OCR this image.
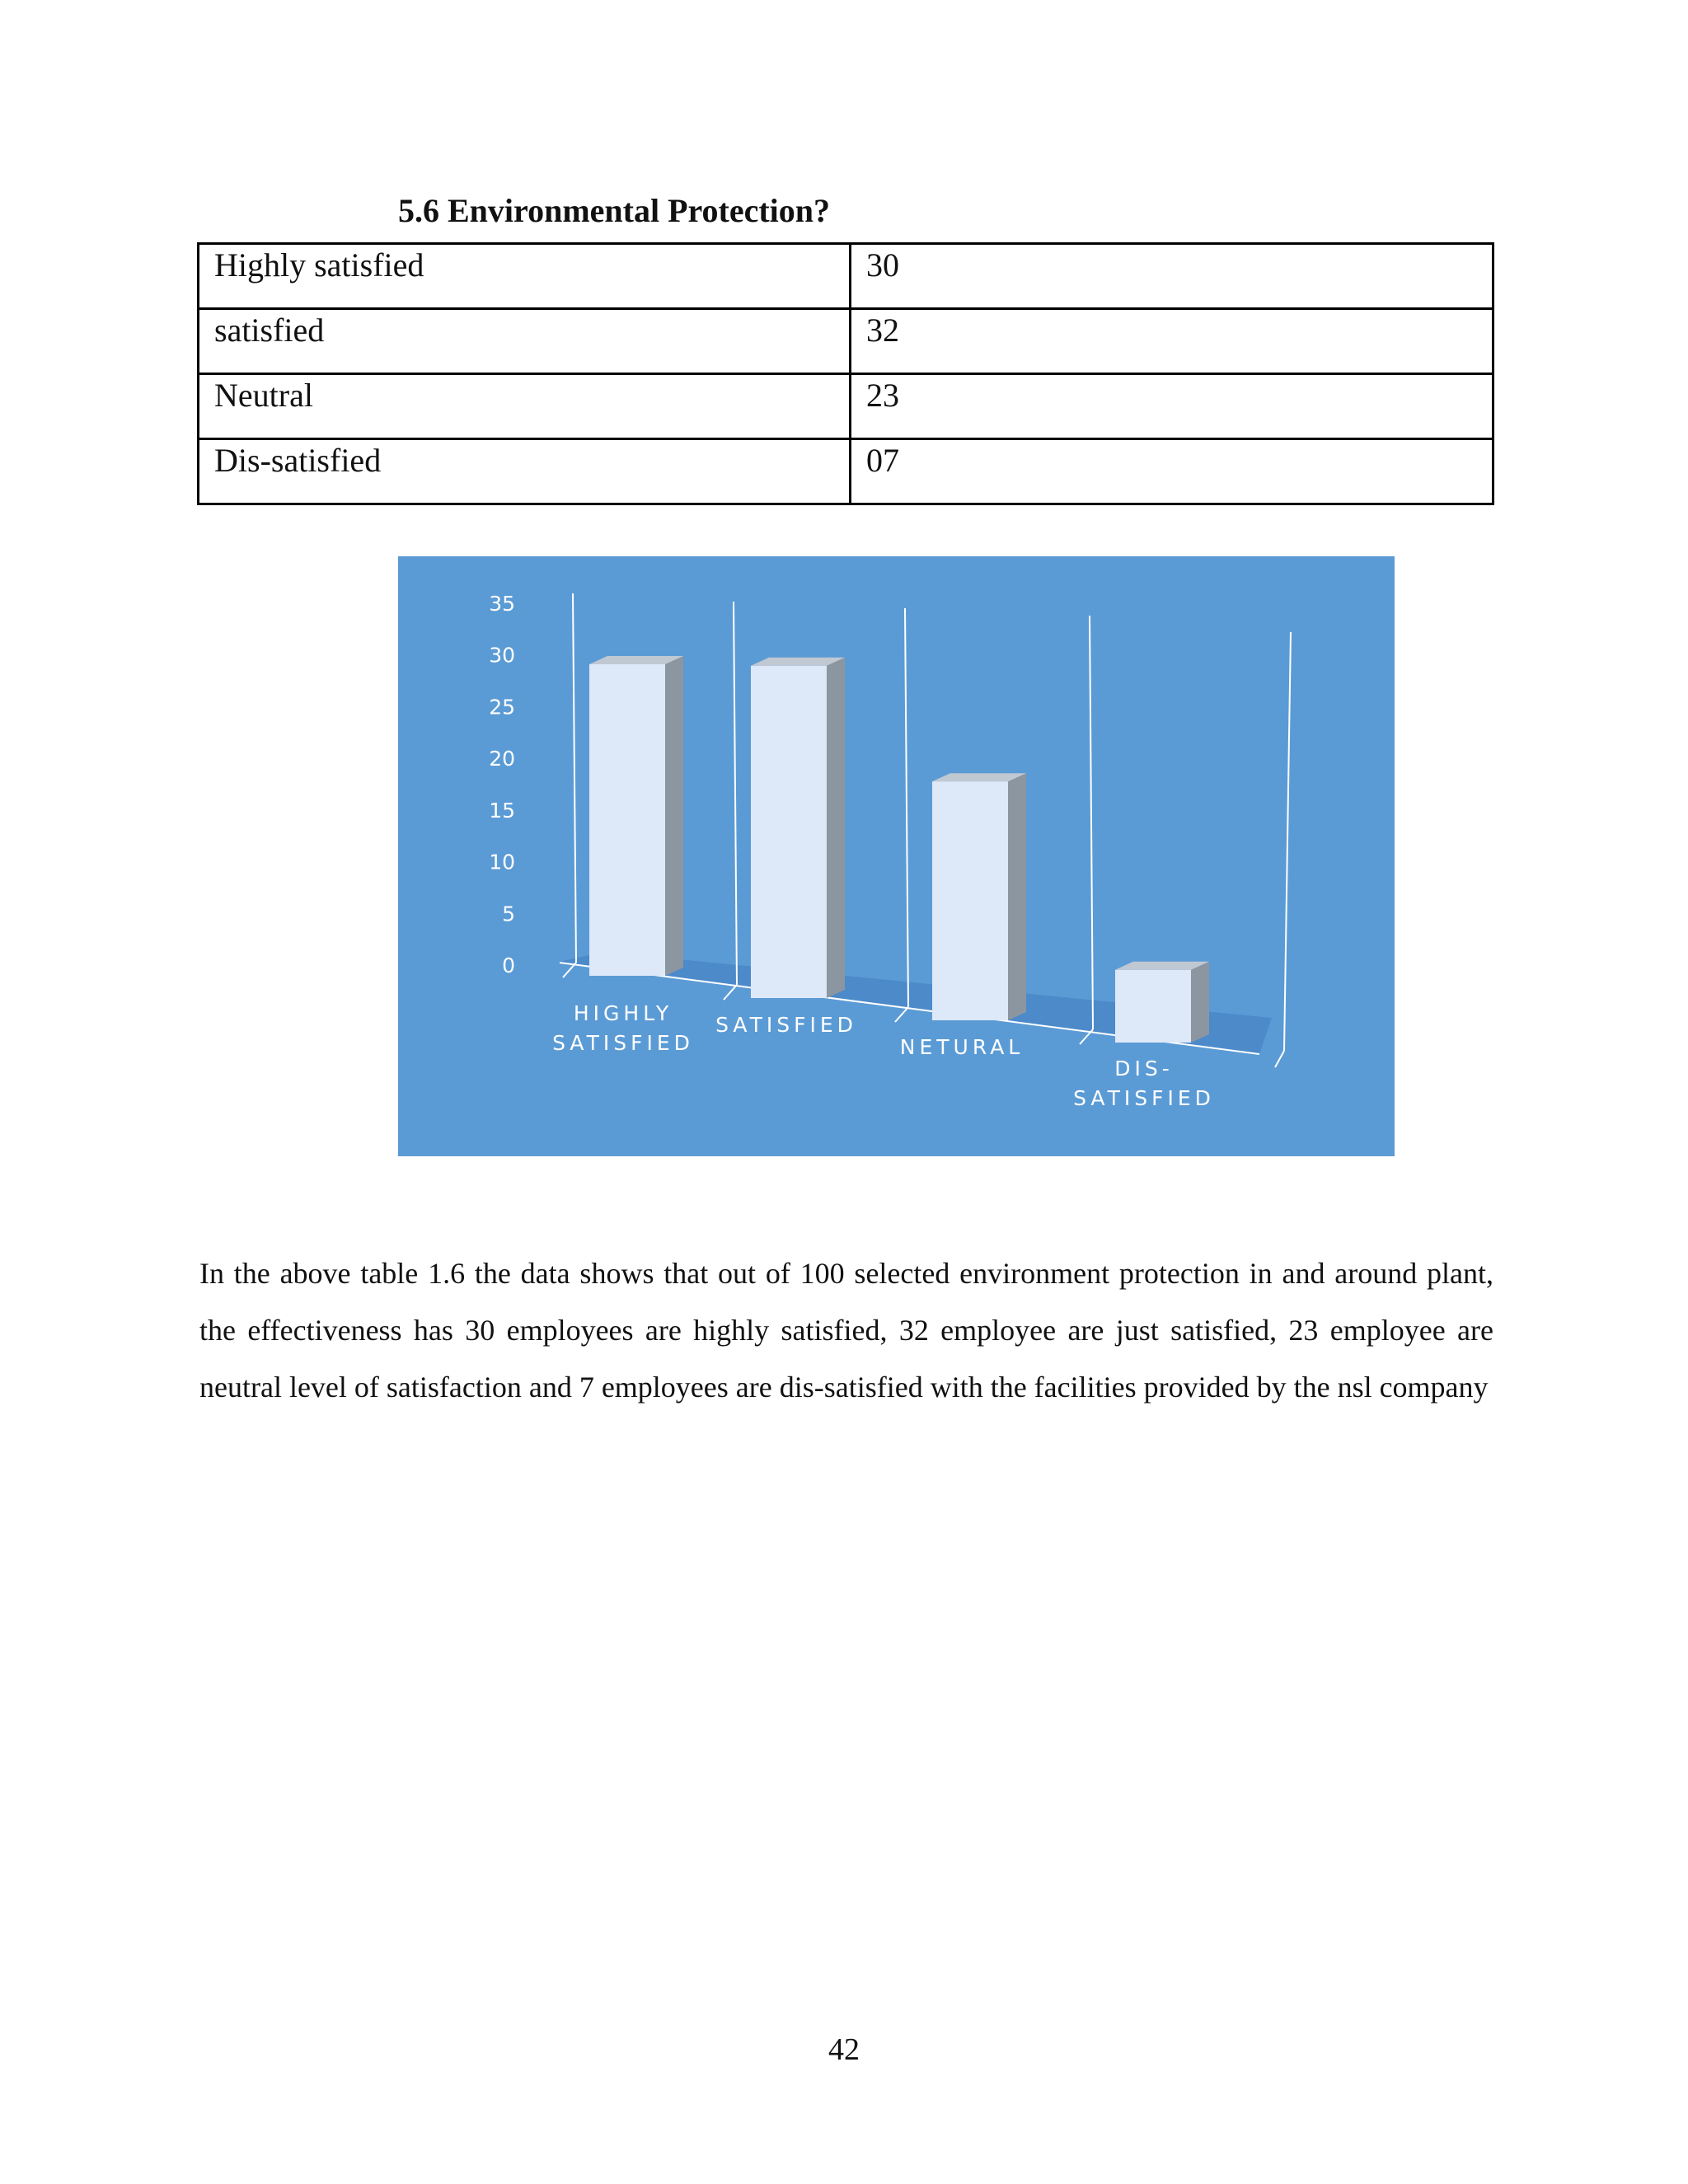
5.6 Environmental Protection?
Highly satisfied	30
satisfied	32
Neutral	23
Dis-satisfied	07
0
5
10
15
20
25
30
35
HIGHLY
SATISFIED
SATISFIED
NETURAL
DIS-
SATISFIED

In the above table 1.6 the data shows that out of 100 selected environment protection in and around plant, the effectiveness has 30 employees are highly satisfied, 32 employee are just satisfied, 23 employee are neutral level of satisfaction and 7 employees are dis-satisfied with the facilities provided by the nsl company

42
